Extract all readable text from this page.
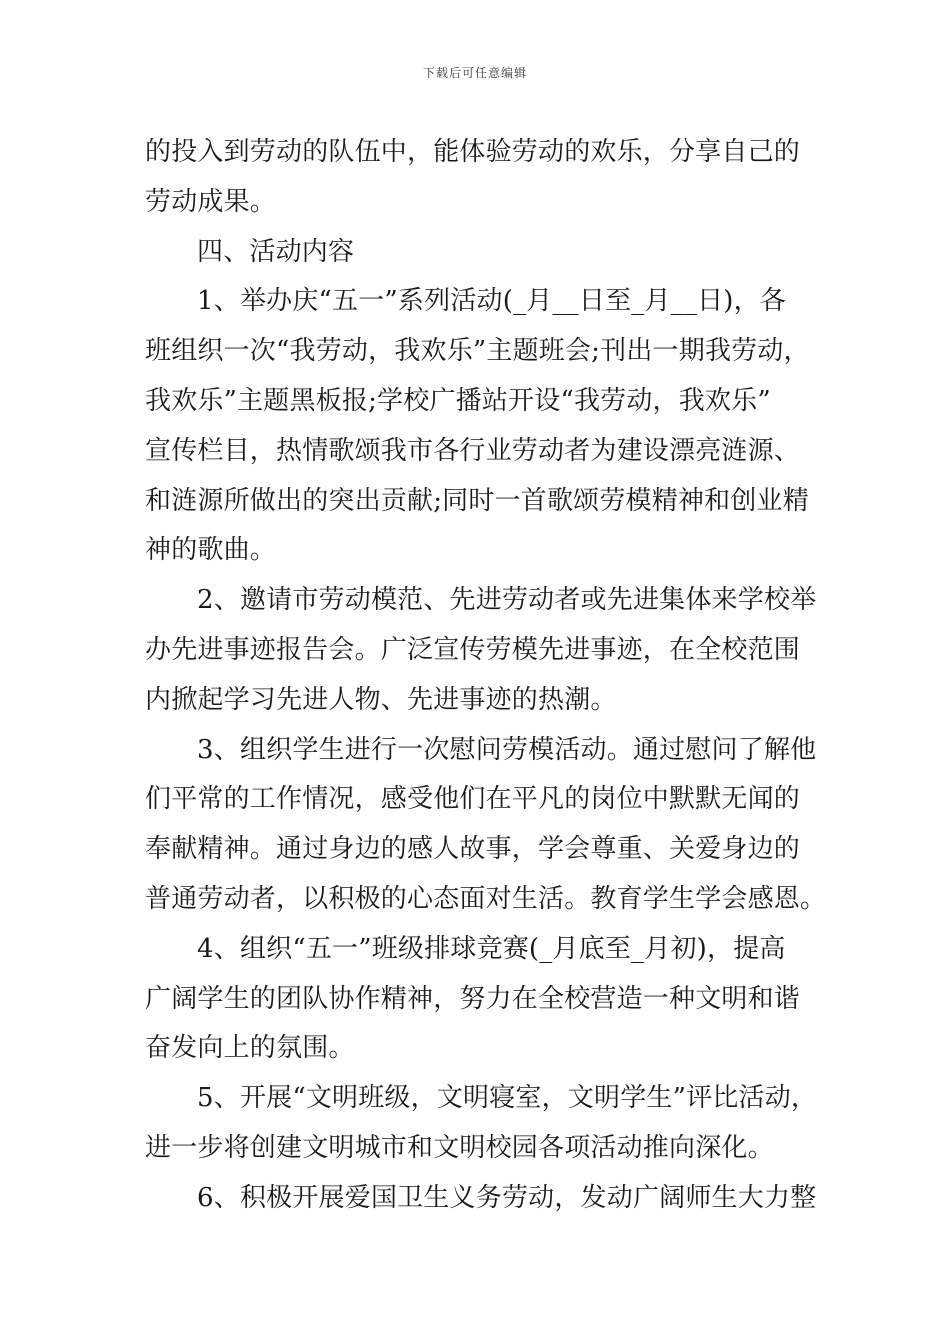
下载后可任意编辑
的投入到劳动的队伍中，能体验劳动的欢乐，分享自己的
劳动成果。
四、活动内容
1、举办庆“五一”系列活动(_月__日至_月__日)，各
班组织一次“我劳动，我欢乐”主题班会;刊出一期我劳动，
我欢乐”主题黑板报;学校广播站开设“我劳动，我欢乐”
宣传栏目，热情歌颂我市各行业劳动者为建设漂亮涟源、
和涟源所做出的突出贡献;同时一首歌颂劳模精神和创业精
神的歌曲。
2、邀请市劳动模范、先进劳动者或先进集体来学校举
办先进事迹报告会。广泛宣传劳模先进事迹，在全校范围
内掀起学习先进人物、先进事迹的热潮。
3、组织学生进行一次慰问劳模活动。通过慰问了解他
们平常的工作情况，感受他们在平凡的岗位中默默无闻的
奉献精神。通过身边的感人故事，学会尊重、关爱身边的
普通劳动者，以积极的心态面对生活。教育学生学会感恩。
4、组织“五一”班级排球竞赛(_月底至_月初)，提高
广阔学生的团队协作精神，努力在全校营造一种文明和谐
奋发向上的氛围。
5、开展“文明班级，文明寝室，文明学生”评比活动，
进一步将创建文明城市和文明校园各项活动推向深化。
6、积极开展爱国卫生义务劳动，发动广阔师生大力整
